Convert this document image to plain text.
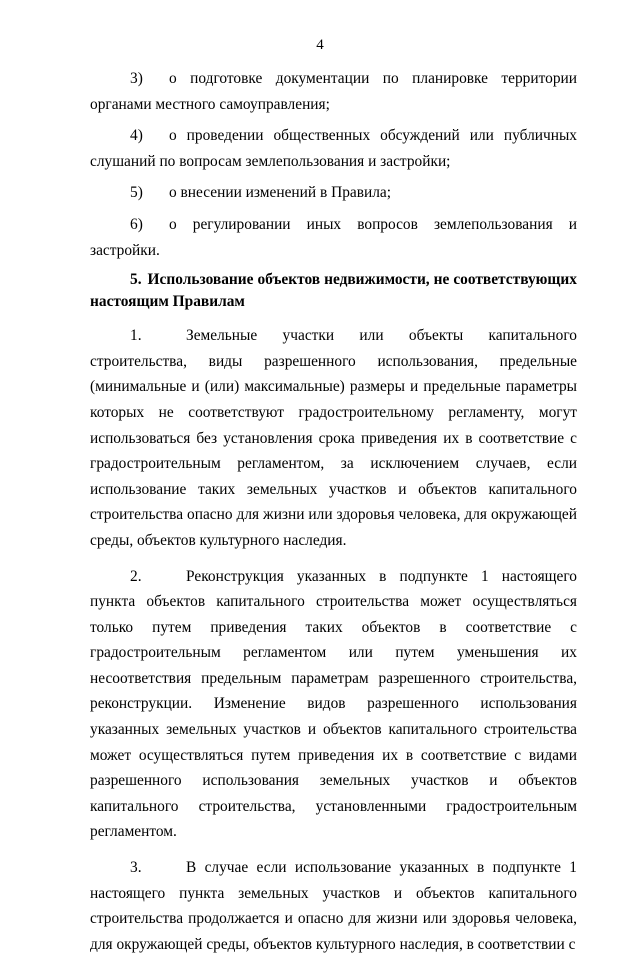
4

3) о подготовке документации по планировке территории органами местного самоуправления;

4) о проведении общественных обсуждений или публичных слушаний по вопросам землепользования и застройки;

5) о внесении изменений в Правила;

6) о регулировании иных вопросов землепользования и застройки.

5. Использование объектов недвижимости, не соответствующих настоящим Правилам

1.	Земельные участки или объекты капитального строительства, виды разрешенного использования, предельные (минимальные и (или) максимальные) размеры и предельные параметры которых не соответствуют градостроительному регламенту, могут использоваться без установления срока приведения их в соответствие с градостроительным регламентом, за исключением случаев, если использование таких земельных участков и объектов капитального строительства опасно для жизни или здоровья человека, для окружающей среды, объектов культурного наследия.

2.	Реконструкция указанных в подпункте 1 настоящего пункта объектов капитального строительства может осуществляться только путем приведения таких объектов в соответствие с градостроительным регламентом или путем уменьшения их несоответствия предельным параметрам разрешенного строительства, реконструкции. Изменение видов разрешенного использования указанных земельных участков и объектов капитального строительства может осуществляться путем приведения их в соответствие с видами разрешенного использования земельных участков и объектов капитального строительства, установленными градостроительным регламентом.

3.	В случае если использование указанных в подпункте 1 настоящего пункта земельных участков и объектов капитального строительства продолжается и опасно для жизни или здоровья человека, для окружающей среды, объектов культурного наследия, в соответствии с
